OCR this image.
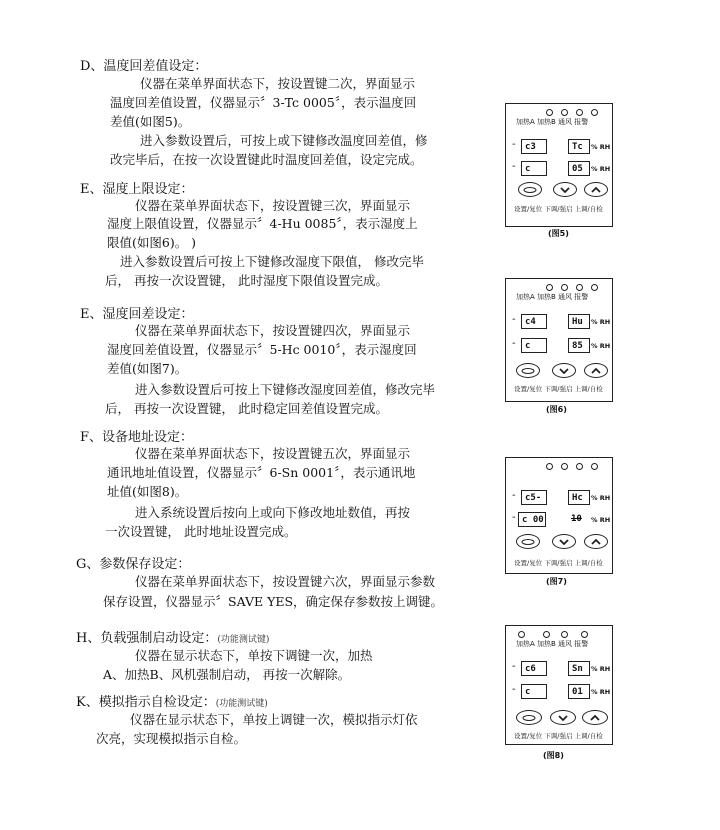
D、温度回差值设定：
仪器在菜单界面状态下，按设置键二次，界面显示
温度回差值设置，仪器显示〞3-Tc 0005〞，表示温度回
差值(如图5)。
进入参数设置后，可按上或下键修改温度回差值，修
改完毕后，在按一次设置键此时温度回差值，设定完成。
E、湿度上限设定：
仪器在菜单界面状态下，按设置键三次，界面显示
湿度上限值设置，仪器显示〞4-Hu 0085〞，表示湿度上
限值(如图6)。 )
进入参数设置后可按上下键修改湿度下限值， 修改完毕
后， 再按一次设置键， 此时湿度下限值设置完成。
E、湿度回差设定：
仪器在菜单界面状态下，按设置键四次，界面显示
湿度回差值设置，仪器显示〞5-Hc 0010〞，表示湿度回
差值(如图7)。
进入参数设置后可按上下键修改湿度回差值，修改完毕
后， 再按一次设置键， 此时稳定回差值设置完成。
F、设备地址设定：
仪器在菜单界面状态下，按设置键五次，界面显示
通讯地址值设置，仪器显示〞6-Sn 0001〞，表示通讯地
址值(如图8)。
进入系统设置后按向上或向下修改地址数值，再按
一次设置键， 此时地址设置完成。
G、参数保存设定：
仪器在菜单界面状态下，按设置键六次，界面显示参数
保存设置，仪器显示〞SAVE YES，确定保存参数按上调键。
H、负载强制启动设定：(功能测试键)
仪器在显示状态下，单按下调键一次，加热
A、加热B、风机强制启动， 再按一次解除。
K、模拟指示自检设定：(功能测试键)
仪器在显示状态下，单按上调键一次，模拟指示灯依
次亮，实现模拟指示自检。
加热A 加热B 通风 报警
-	c3	Tc	% RH
-	c	05	% RH
设置/复位 下调/强启 上调/自检
(图5)
加热A 加热B 通风 报警
-	c4	Hu	% RH
-	c	85	% RH
设置/复位 下调/强启 上调/自检
(图6)
-	c5-	Hc	% RH
- c 00	10	% RH
设置/复位 下调/强启 上调/自检
(图7)
加热A 加热B 通风 报警
-	c6	Sn	% RH
-	c	01	% RH
设置/复位 下调/强启 上调/自检
(图8)
